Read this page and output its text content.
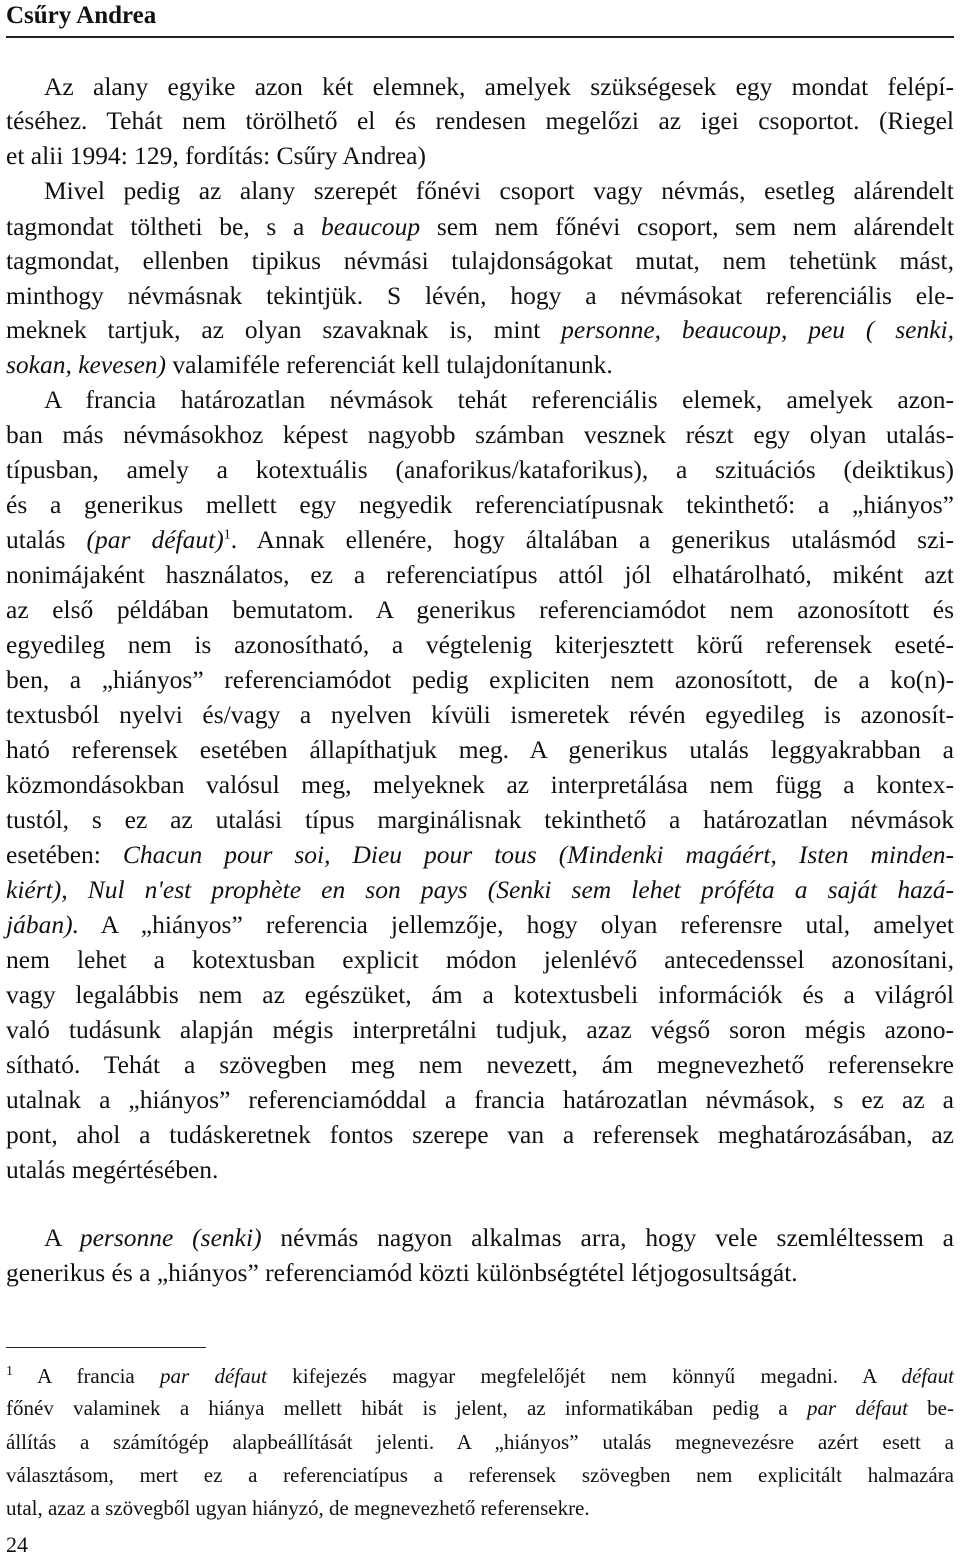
Csűry Andrea
Az alany egyike azon két elemnek, amelyek szükségesek egy mondat felépí-
téséhez. Tehát nem törölhető el és rendesen megelőzi az igei csoportot. (Riegel
et alii 1994: 129, fordítás: Csűry Andrea)
Mivel pedig az alany szerepét főnévi csoport vagy névmás, esetleg alárendelt
tagmondat töltheti be, s a beaucoup sem nem főnévi csoport, sem nem alárendelt
tagmondat, ellenben tipikus névmási tulajdonságokat mutat, nem tehetünk mást,
minthogy névmásnak tekintjük. S lévén, hogy a névmásokat referenciális ele-
meknek tartjuk, az olyan szavaknak is, mint personne, beaucoup, peu ( senki,
sokan, kevesen) valamiféle referenciát kell tulajdonítanunk.
A francia határozatlan névmások tehát referenciális elemek, amelyek azon-
ban más névmásokhoz képest nagyobb számban vesznek részt egy olyan utalás-
típusban, amely a kotextuális (anaforikus/kataforikus), a szituációs (deiktikus)
és a generikus mellett egy negyedik referenciatípusnak tekinthető: a „hiányos”
utalás (par défaut)$^1$. Annak ellenére, hogy általában a generikus utalásmód szi-
nonimájaként használatos, ez a referenciatípus attól jól elhatárolható, miként azt
az első példában bemutatom. A generikus referenciamódot nem azonosított és
egyedileg nem is azonosítható, a végtelenig kiterjesztett körű referensek eseté-
ben, a „hiányos” referenciamódot pedig expliciten nem azonosított, de a ko(n)-
textusból nyelvi és/vagy a nyelven kívüli ismeretek révén egyedileg is azonosít-
ható referensek esetében állapíthatjuk meg. A generikus utalás leggyakrabban a
közmondásokban valósul meg, melyeknek az interpretálása nem függ a kontex-
tustól, s ez az utalási típus marginálisnak tekinthető a határozatlan névmások
esetében: Chacun pour soi, Dieu pour tous (Mindenki magáért, Isten minden-
kiért), Nul n'est prophète en son pays (Senki sem lehet próféta a saját hazá-
jában). A „hiányos” referencia jellemzője, hogy olyan referensre utal, amelyet
nem lehet a kotextusban explicit módon jelenlévő antecedenssel azonosítani,
vagy legalábbis nem az egészüket, ám a kotextusbeli információk és a világról
való tudásunk alapján mégis interpretálni tudjuk, azaz végső soron mégis azono-
sítható. Tehát a szövegben meg nem nevezett, ám megnevezhető referensekre
utalnak a „hiányos” referenciamóddal a francia határozatlan névmások, s ez az a
pont, ahol a tudáskeretnek fontos szerepe van a referensek meghatározásában, az
utalás megértésében.
A personne (senki) névmás nagyon alkalmas arra, hogy vele szemléltessem a
generikus és a „hiányos” referenciamód közti különbségtétel létjogosultságát.
$^1$ A francia par défaut kifejezés magyar megfelelőjét nem könnyű megadni. A défaut
főnév valaminek a hiánya mellett hibát is jelent, az informatikában pedig a par défaut be-
állítás a számítógép alapbeállítását jelenti. A „hiányos” utalás megnevezésre azért esett a
választásom, mert ez a referenciatípus a referensek szövegben nem explicitált halmazára
utal, azaz a szövegből ugyan hiányzó, de megnevezhető referensekre.
24
